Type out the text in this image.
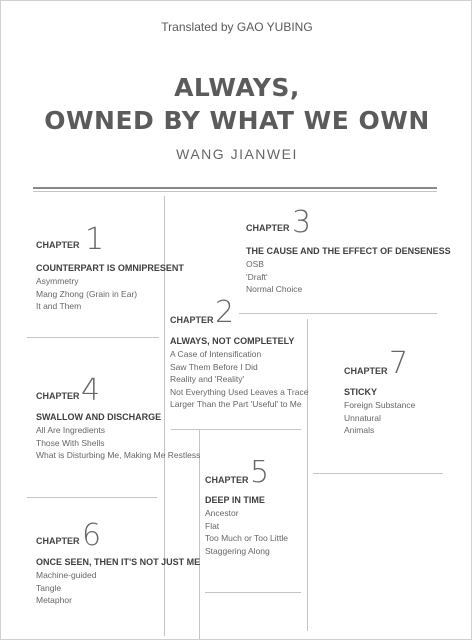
Translated by GAO YUBING
ALWAYS,
OWNED BY WHAT WE OWN
WANG JIANWEI
CHAPTER 1
COUNTERPART IS OMNIPRESENT
Asymmetry
Mang Zhong (Grain in Ear)
It and Them
CHAPTER 3
THE CAUSE AND THE EFFECT OF DENSENESS
OSB
'Draft'
Normal Choice
CHAPTER 2
ALWAYS, NOT COMPLETELY
A Case of Intensification
Saw Them Before I Did
Reality and 'Reality'
Not Everything Used Leaves a Trace
Larger Than the Part 'Useful' to Me
CHAPTER 7
STICKY
Foreign Substance
Unnatural
Animals
CHAPTER 4
SWALLOW AND DISCHARGE
All Are Ingredients
Those With Shells
What is Disturbing Me, Making Me Restless
CHAPTER 5
DEEP IN TIME
Ancestor
Flat
Too Much or Too Little
Staggering Along
CHAPTER 6
ONCE SEEN, THEN IT'S NOT JUST ME
Machine-guided
Tangle
Metaphor
